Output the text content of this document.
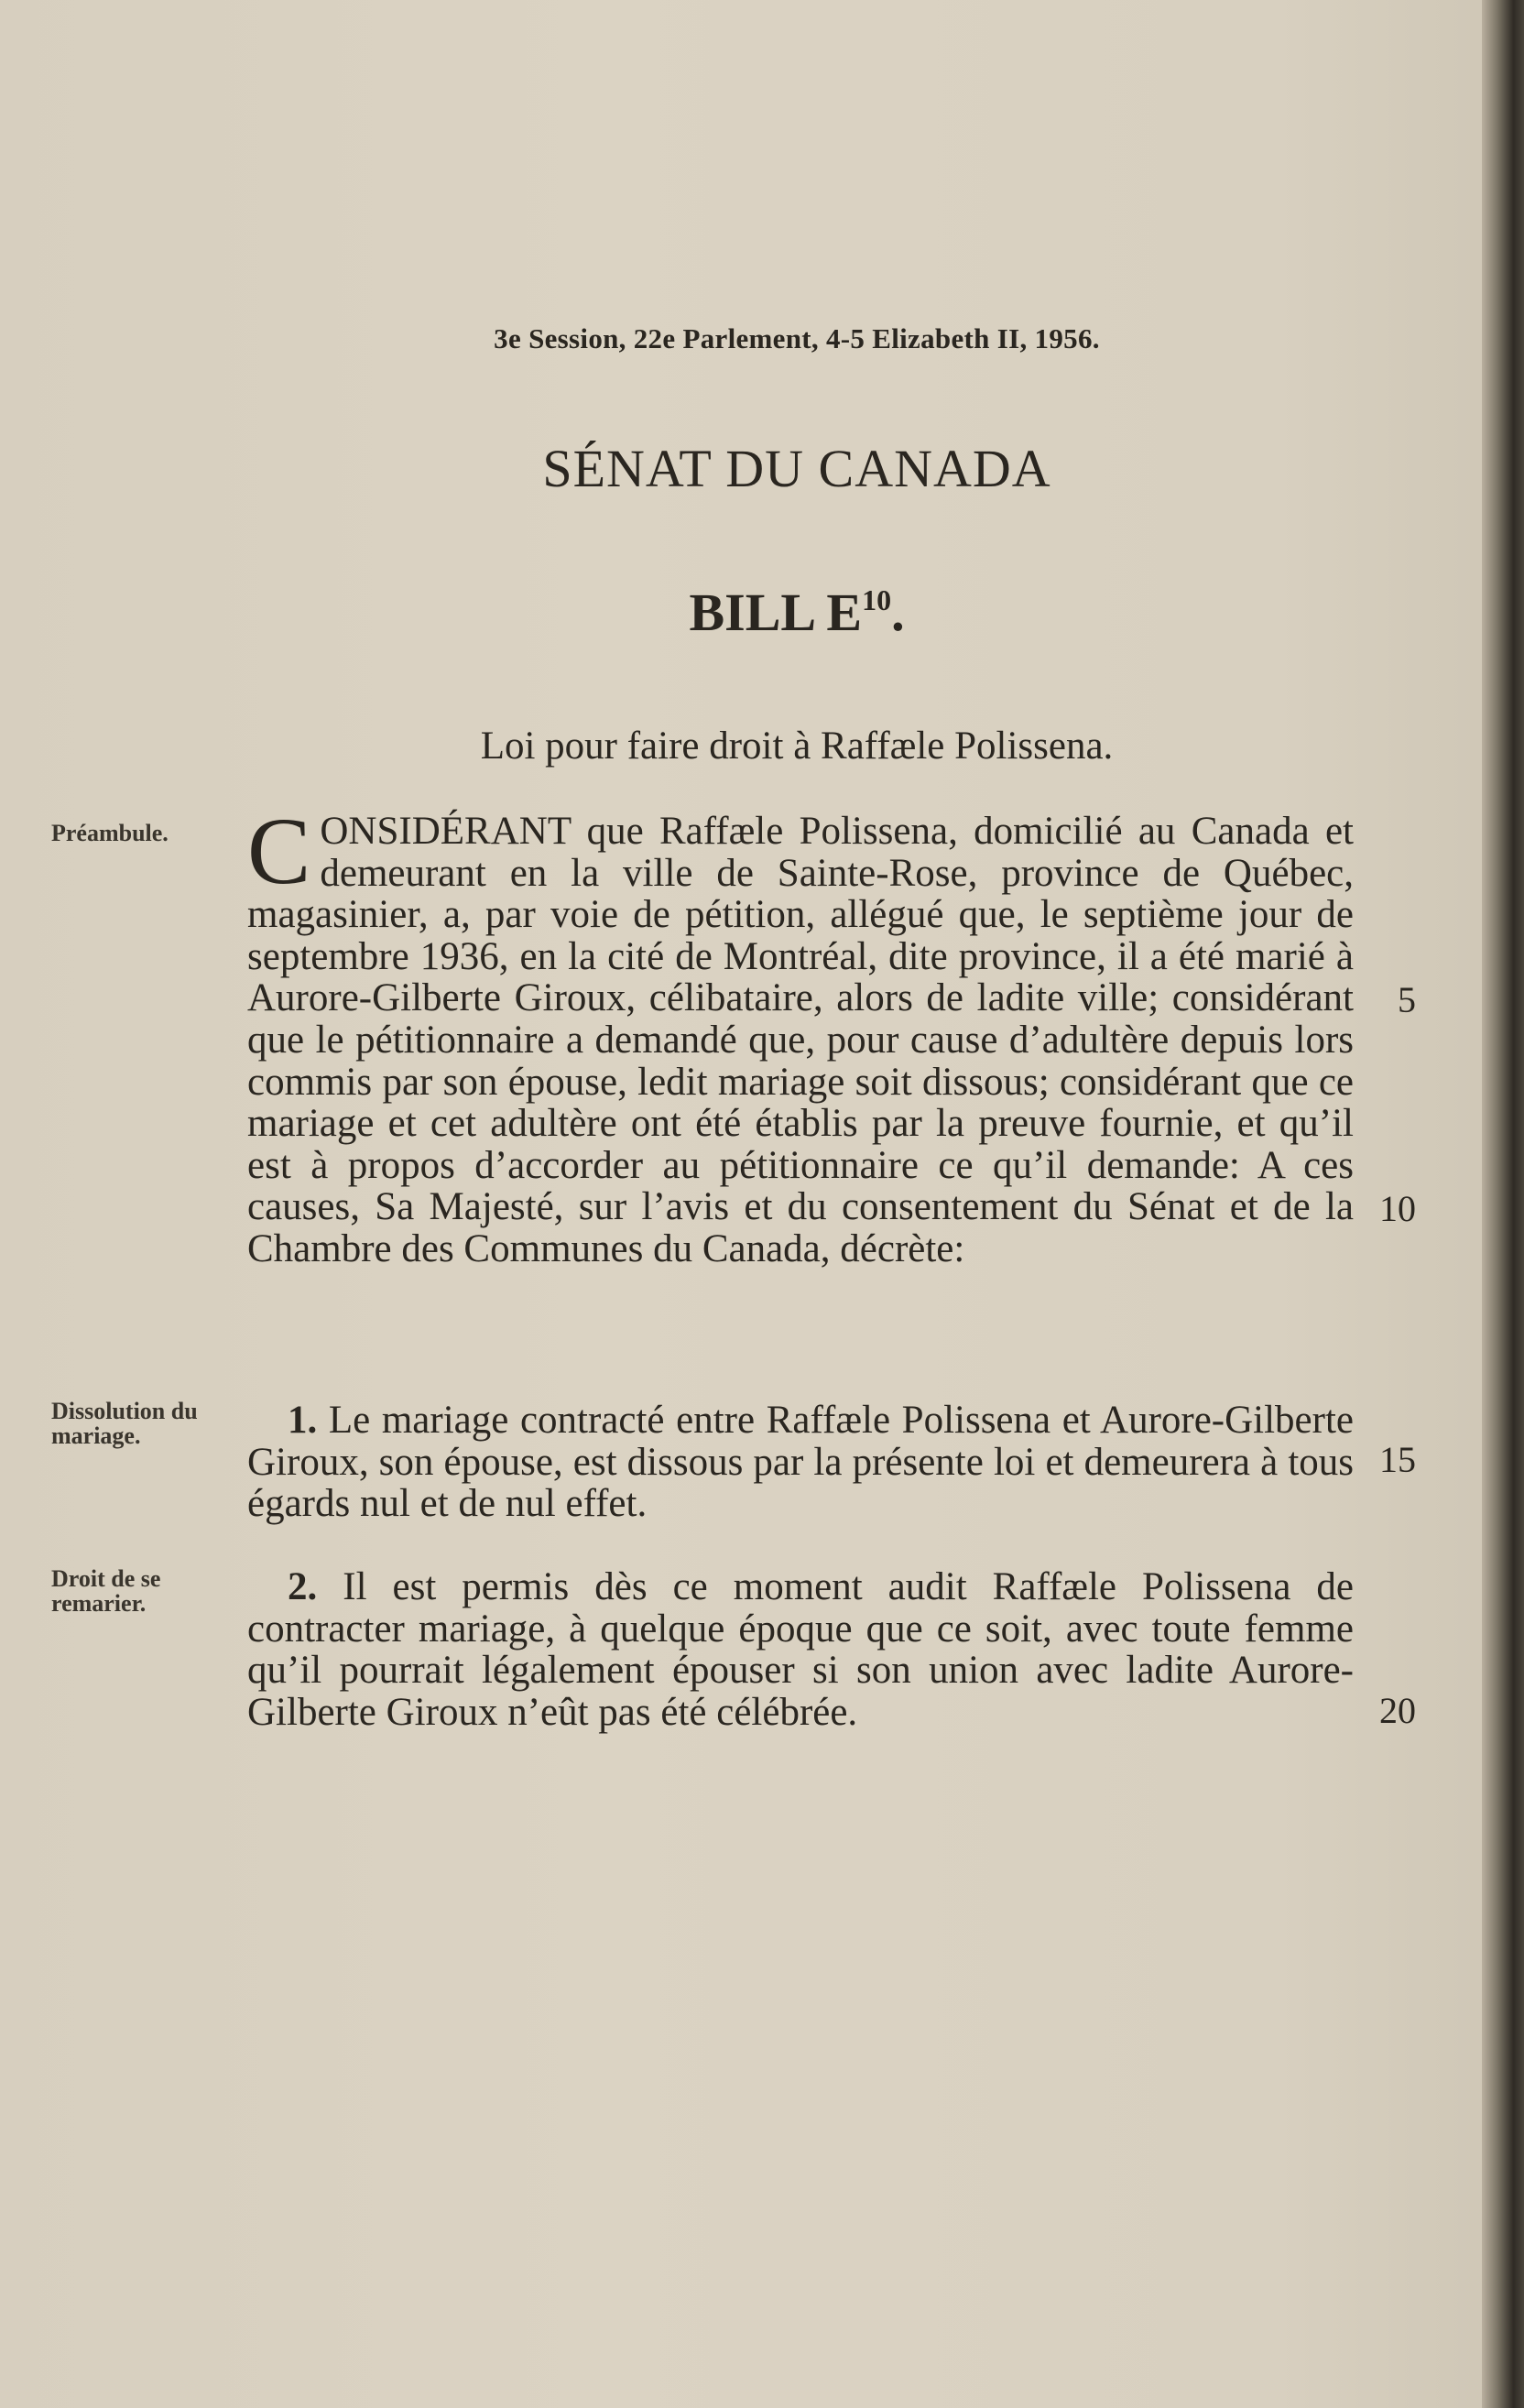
3e Session, 22e Parlement, 4-5 Elizabeth II, 1956.
SÉNAT DU CANADA
BILL $E^{10}$.
Loi pour faire droit à Raffæle Polissena.
Préambule.
Dissolution du mariage.
Droit de se remarier.
CONSIDÉRANT que Raffæle Polissena, domicilié au Canada et demeurant en la ville de Sainte-Rose, province de Québec, magasinier, a, par voie de pétition, allégué que, le septième jour de septembre 1936, en la cité de Montréal, dite province, il a été marié à Aurore-Gilberte Giroux, célibataire, alors de ladite ville; considérant que le pétitionnaire a demandé que, pour cause d’adultère depuis lors commis par son épouse, ledit mariage soit dissous; considérant que ce mariage et cet adultère ont été établis par la preuve fournie, et qu’il est à propos d’accorder au pétitionnaire ce qu’il demande: A ces causes, Sa Majesté, sur l’avis et du consentement du Sénat et de la Chambre des Communes du Canada, décrète:
1. Le mariage contracté entre Raffæle Polissena et Aurore-Gilberte Giroux, son épouse, est dissous par la présente loi et demeurera à tous égards nul et de nul effet.
2. Il est permis dès ce moment audit Raffæle Polissena de contracter mariage, à quelque époque que ce soit, avec toute femme qu’il pourrait légalement épouser si son union avec ladite Aurore-Gilberte Giroux n’eût pas été célébrée.
5
10
15
20
